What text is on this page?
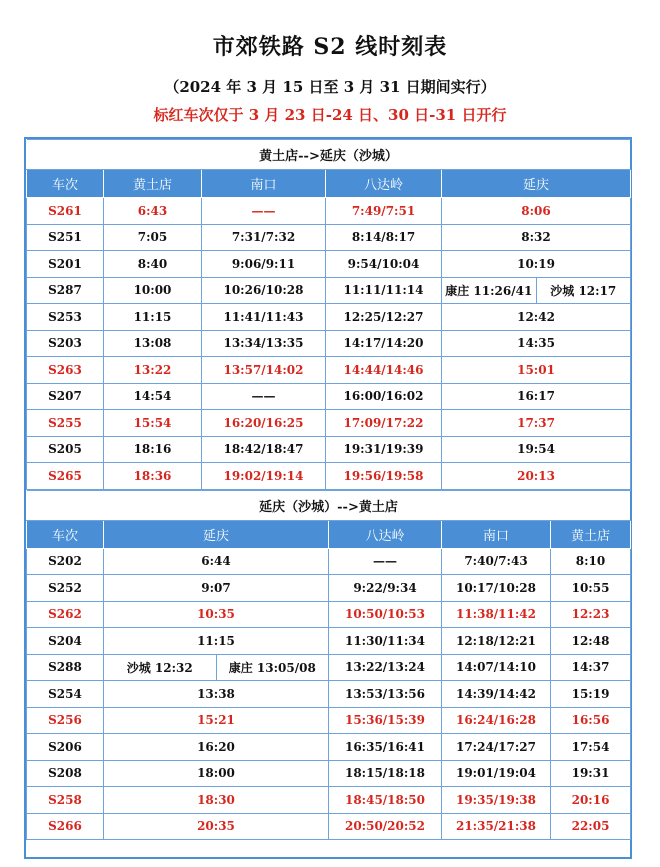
市郊铁路 S2 线时刻表
（2024 年 3 月 15 日至 3 月 31 日期间实行）
标红车次仅于 3 月 23 日-24 日、30 日-31 日开行
黄土店-->延庆（沙城）				
车次	黄土店	南口	八达岭	延庆
S261	6:43	——	7:49/7:51	8:06
S251	7:05	7:31/7:32	8:14/8:17	8:32
S201	8:40	9:06/9:11	9:54/10:04	10:19
S287	10:00	10:26/10:28	11:11/11:14	康庄 11:26/41 沙城 12:17

S253	11:15	11:41/11:43	12:25/12:27	12:42
S203	13:08	13:34/13:35	14:17/14:20	14:35
S263	13:22	13:57/14:02	14:44/14:46	15:01
S207	14:54	——	16:00/16:02	16:17
S255	15:54	16:20/16:25	17:09/17:22	17:37
S205	18:16	18:42/18:47	19:31/19:39	19:54
S265	18:36	19:02/19:14	19:56/19:58	20:13
延庆（沙城）-->黄土店				
车次	延庆	八达岭	南口	黄土店
S202	6:44	——	7:40/7:43	8:10
S252	9:07	9:22/9:34	10:17/10:28	10:55
S262	10:35	10:50/10:53	11:38/11:42	12:23
S204	11:15	11:30/11:34	12:18/12:21	12:48
S288	沙城 12:32 康庄 13:05/08	13:22/13:24	14:07/14:10	14:37
S254	13:38	13:53/13:56	14:39/14:42	15:19
S256	15:21	15:36/15:39	16:24/16:28	16:56
S206	16:20	16:35/16:41	17:24/17:27	17:54
S208	18:00	18:15/18:18	19:01/19:04	19:31
S258	18:30	18:45/18:50	19:35/19:38	20:16
S266	20:35	20:50/20:52	21:35/21:38	22:05
